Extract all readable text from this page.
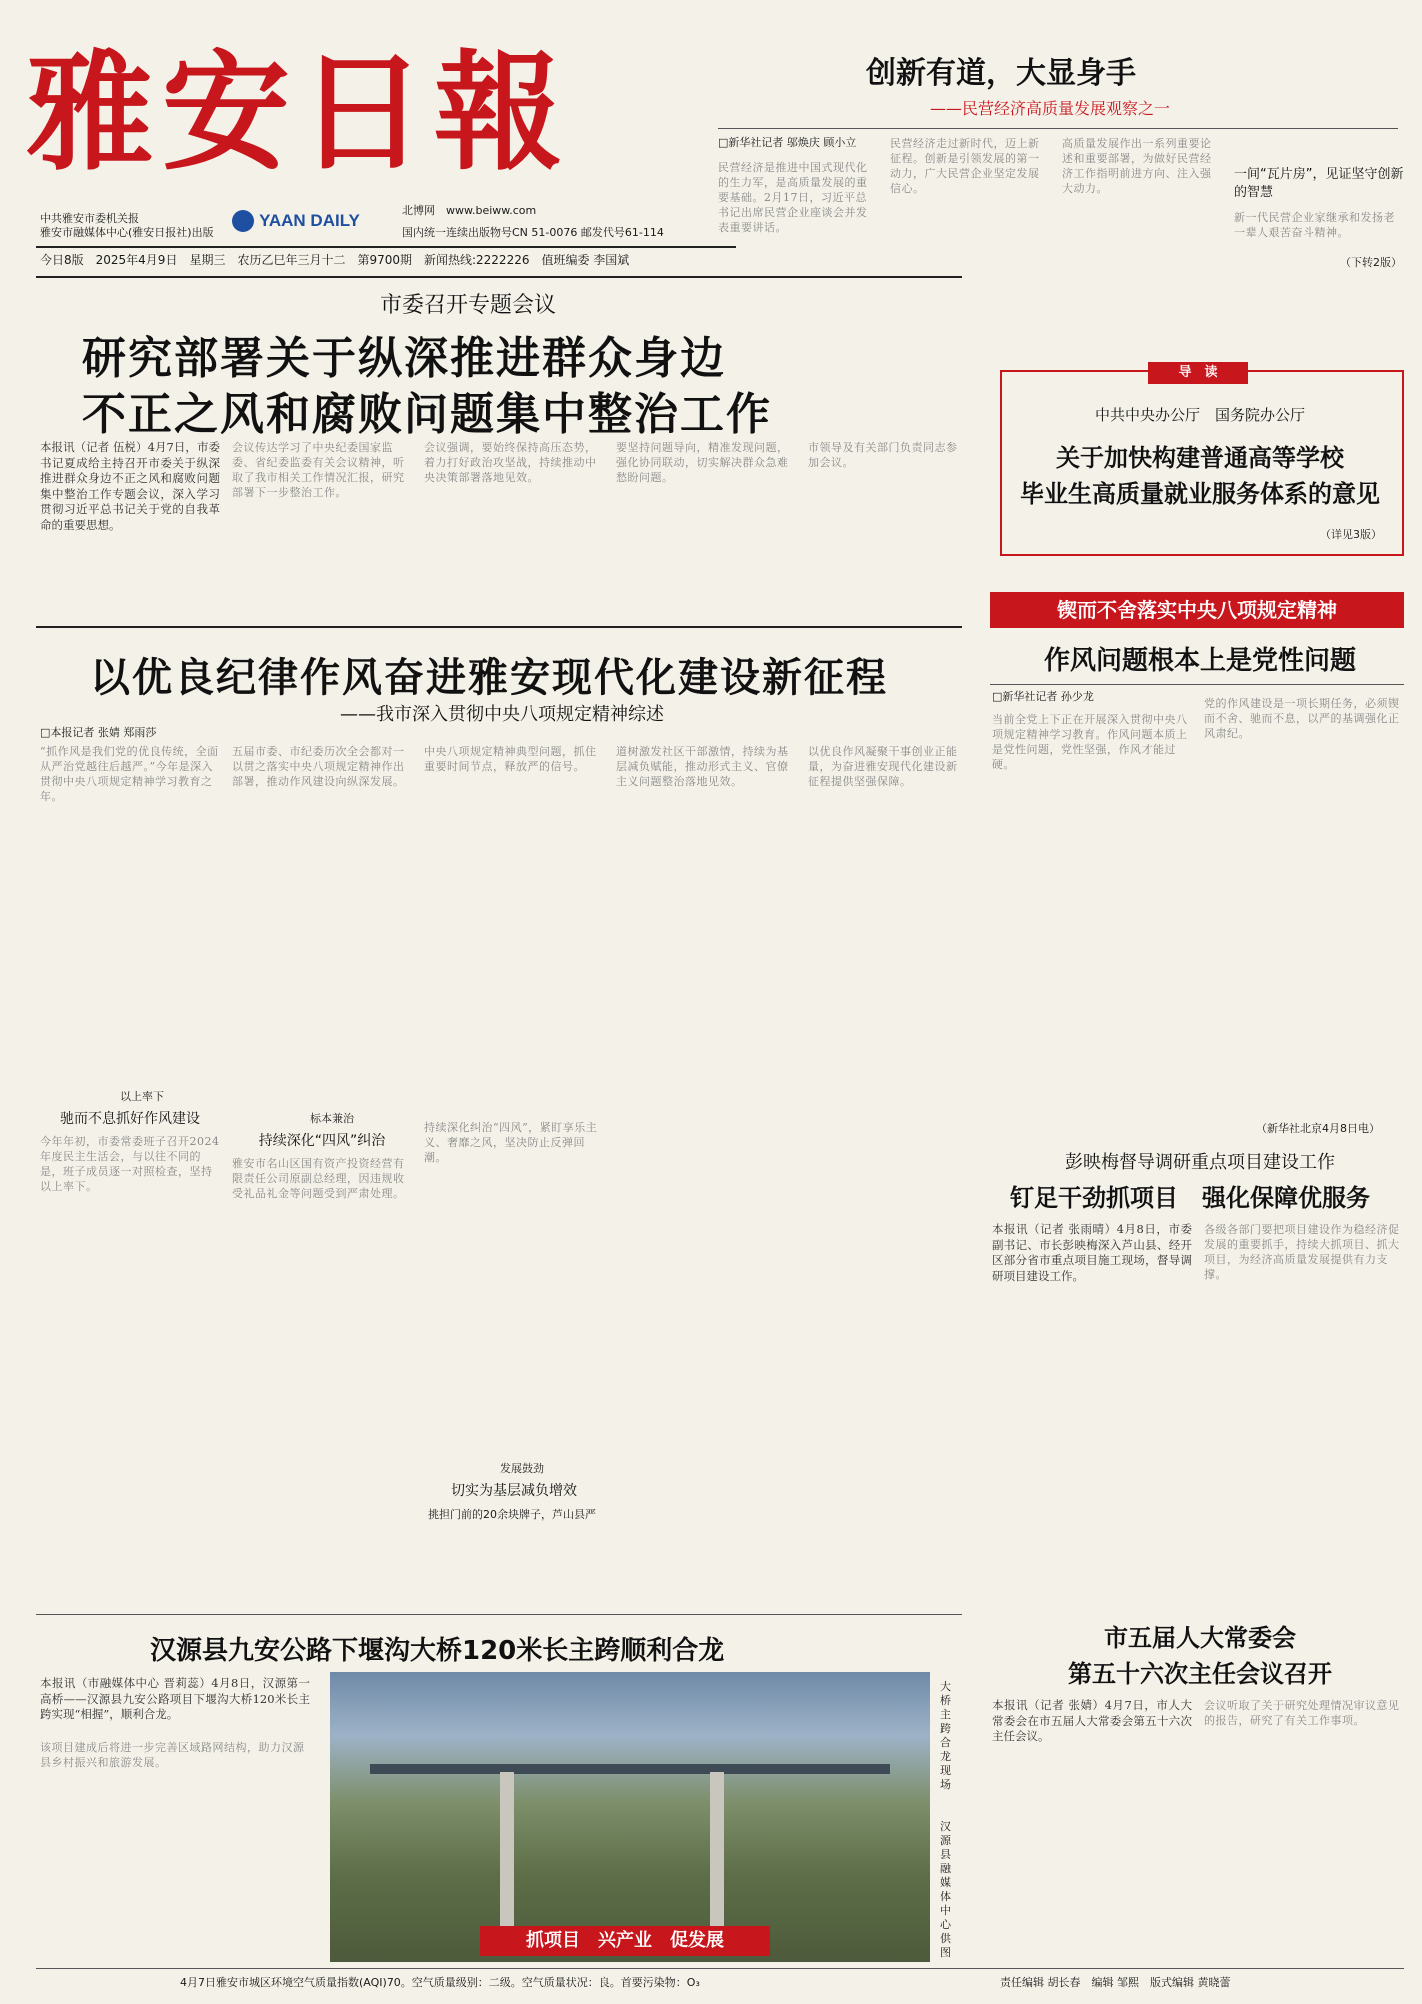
雅安日報
中共雅安市委机关报
雅安市融媒体中心(雅安日报社)出版
YAAN DAILY
北博网　 www.beiww.com
国内统一连续出版物号CN 51-0076 邮发代号61-114
今日8版　2025年4月9日　星期三　农历乙巳年三月十二　第9700期　新闻热线:2222226　值班编委 李国斌
创新有道，大显身手
——民营经济高质量发展观察之一
□新华社记者 邬焕庆 顾小立
民营经济是推进中国式现代化的生力军，是高质量发展的重要基础。2月17日，习近平总书记出席民营企业座谈会并发表重要讲话。
民营经济走过新时代，迈上新征程。创新是引领发展的第一动力，广大民营企业坚定发展信心。
高质量发展作出一系列重要论述和重要部署，为做好民营经济工作指明前进方向、注入强大动力。
一间“瓦片房”，见证坚守创新的智慧
新一代民营企业家继承和发扬老一辈人艰苦奋斗精神。
（下转2版）
市委召开专题会议
研究部署关于纵深推进群众身边
不正之风和腐败问题集中整治工作
本报讯（记者 伍棁）4月7日，市委书记夏成给主持召开市委关于纵深推进群众身边不正之风和腐败问题集中整治工作专题会议，深入学习贯彻习近平总书记关于党的自我革命的重要思想。
会议传达学习了中央纪委国家监委、省纪委监委有关会议精神，听取了我市相关工作情况汇报，研究部署下一步整治工作。
会议强调，要始终保持高压态势，着力打好政治攻坚战，持续推动中央决策部署落地见效。
要坚持问题导向，精准发现问题，强化协同联动，切实解决群众急难愁盼问题。
市领导及有关部门负责同志参加会议。
导　读
中共中央办公厅　国务院办公厅
关于加快构建普通高等学校
毕业生高质量就业服务体系的意见
（详见3版）
锲而不舍落实中央八项规定精神
作风问题根本上是党性问题
□新华社记者 孙少龙
当前全党上下正在开展深入贯彻中央八项规定精神学习教育。作风问题本质上是党性问题，党性坚强，作风才能过硬。
党的作风建设是一项长期任务，必须锲而不舍、驰而不息，以严的基调强化正风肃纪。
（新华社北京4月8日电）
以优良纪律作风奋进雅安现代化建设新征程
——我市深入贯彻中央八项规定精神综述
□本报记者 张婧 郑雨莎
“抓作风是我们党的优良传统，全面从严治党越往后越严。”今年是深入贯彻中央八项规定精神学习教育之年。
以上率下
驰而不息抓好作风建设
今年年初，市委常委班子召开2024年度民主生活会，与以往不同的是，班子成员逐一对照检查，坚持以上率下。
五届市委、市纪委历次全会都对一以贯之落实中央八项规定精神作出部署，推动作风建设向纵深发展。
标本兼治
持续深化“四风”纠治
雅安市名山区国有资产投资经营有限责任公司原副总经理，因违规收受礼品礼金等问题受到严肃处理。
中央八项规定精神典型问题，抓住重要时间节点，释放严的信号。
发展鼓劲
切实为基层减负增效
挑担门前的20余块牌子，芦山县严
持续深化纠治“四风”，紧盯享乐主义、奢靡之风，坚决防止反弹回潮。
道树激发社区干部激情，持续为基层减负赋能，推动形式主义、官僚主义问题整治落地见效。
以优良作风凝聚干事创业正能量，为奋进雅安现代化建设新征程提供坚强保障。
彭映梅督导调研重点项目建设工作
钉足干劲抓项目　强化保障优服务
本报讯（记者 张雨晴）4月8日，市委副书记、市长彭映梅深入芦山县、经开区部分省市重点项目施工现场，督导调研项目建设工作。
各级各部门要把项目建设作为稳经济促发展的重要抓手，持续大抓项目、抓大项目，为经济高质量发展提供有力支撑。
汉源县九安公路下堰沟大桥120米长主跨顺利合龙
本报讯（市融媒体中心 晋莉蕊）4月8日，汉源第一高桥——汉源县九安公路项目下堰沟大桥120米长主跨实现“相握”，顺利合龙。
该项目建成后将进一步完善区域路网结构，助力汉源县乡村振兴和旅游发展。
大桥主跨合龙现场
汉源县融媒体中心供图
抓项目　兴产业　促发展
市五届人大常委会
第五十六次主任会议召开
本报讯（记者 张婧）4月7日，市人大常委会在市五届人大常委会第五十六次主任会议。
会议听取了关于研究处理情况审议意见的报告，研究了有关工作事项。
4月7日雅安市城区环境空气质量指数(AQI)70。空气质量级别：二级。空气质量状况：良。首要污染物：O₃	责任编辑 胡长春　编辑 邹熙　版式编辑 黄晓蕾
